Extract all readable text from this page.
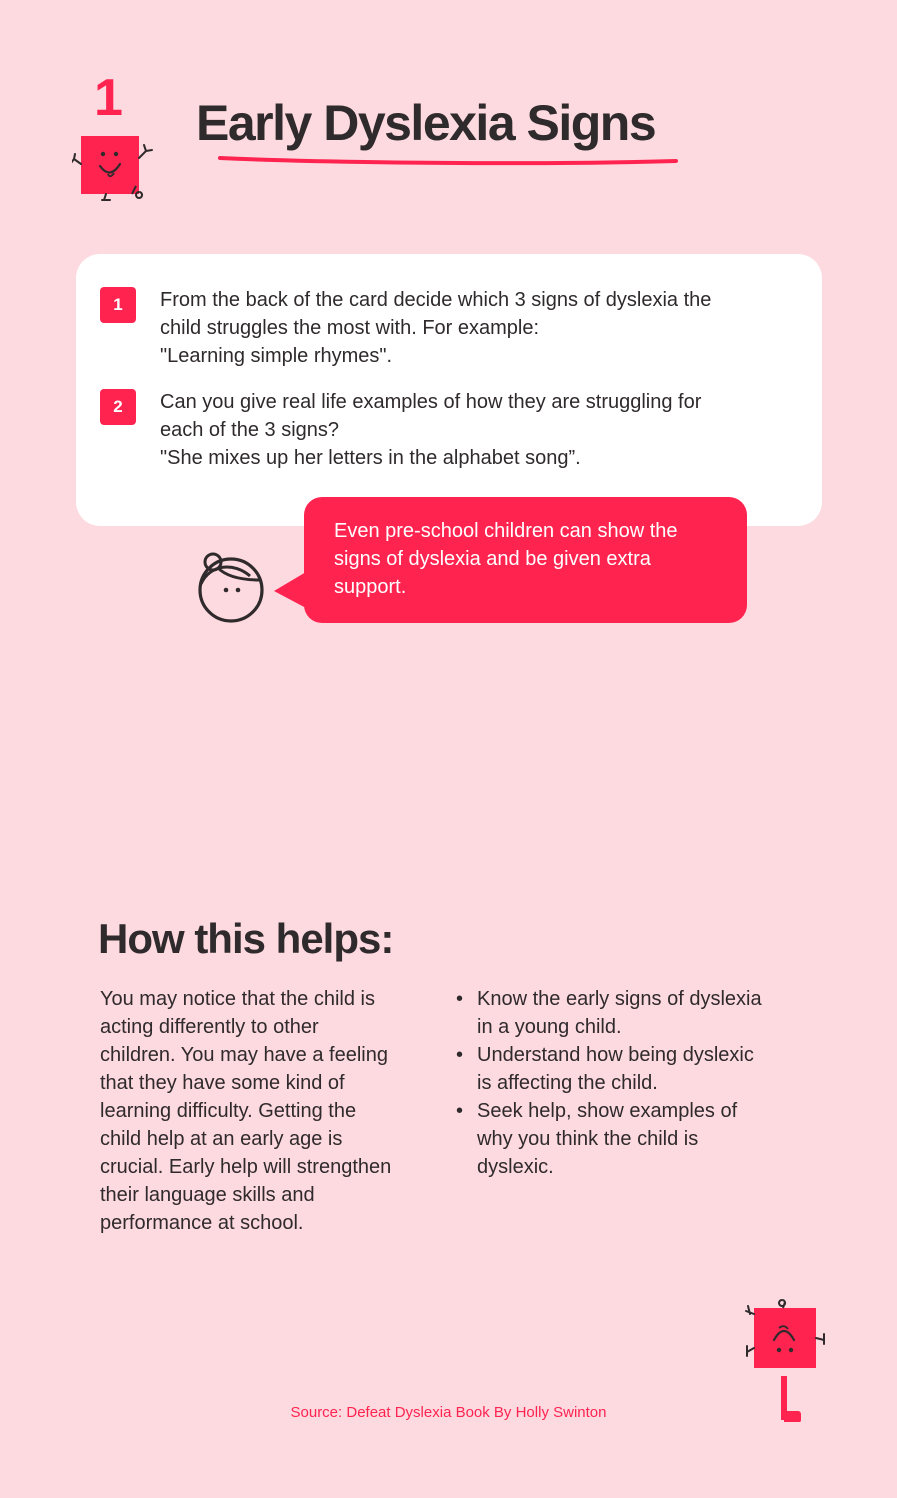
1 Early Dyslexia Signs
1	From the back of the card decide which 3 signs of dyslexia the
child struggles the most with. For example:
"Learning simple rhymes".
2	Can you give real life examples of how they are struggling for
each of the 3 signs?
"She mixes up her letters in the alphabet song”.
Even pre-school children can show the
signs of dyslexia and be given extra
support.
How this helps:
You may notice that the child is
acting differently to other
children. You may have a feeling
that they have some kind of
learning difficulty. Getting the
child help at an early age is
crucial. Early help will strengthen
their language skills and
performance at school.
• Know the early signs of dyslexia
in a young child.
• Understand how being dyslexic
is affecting the child.
• Seek help, show examples of
why you think the child is
dyslexic.
Source: Defeat Dyslexia Book By Holly Swinton
